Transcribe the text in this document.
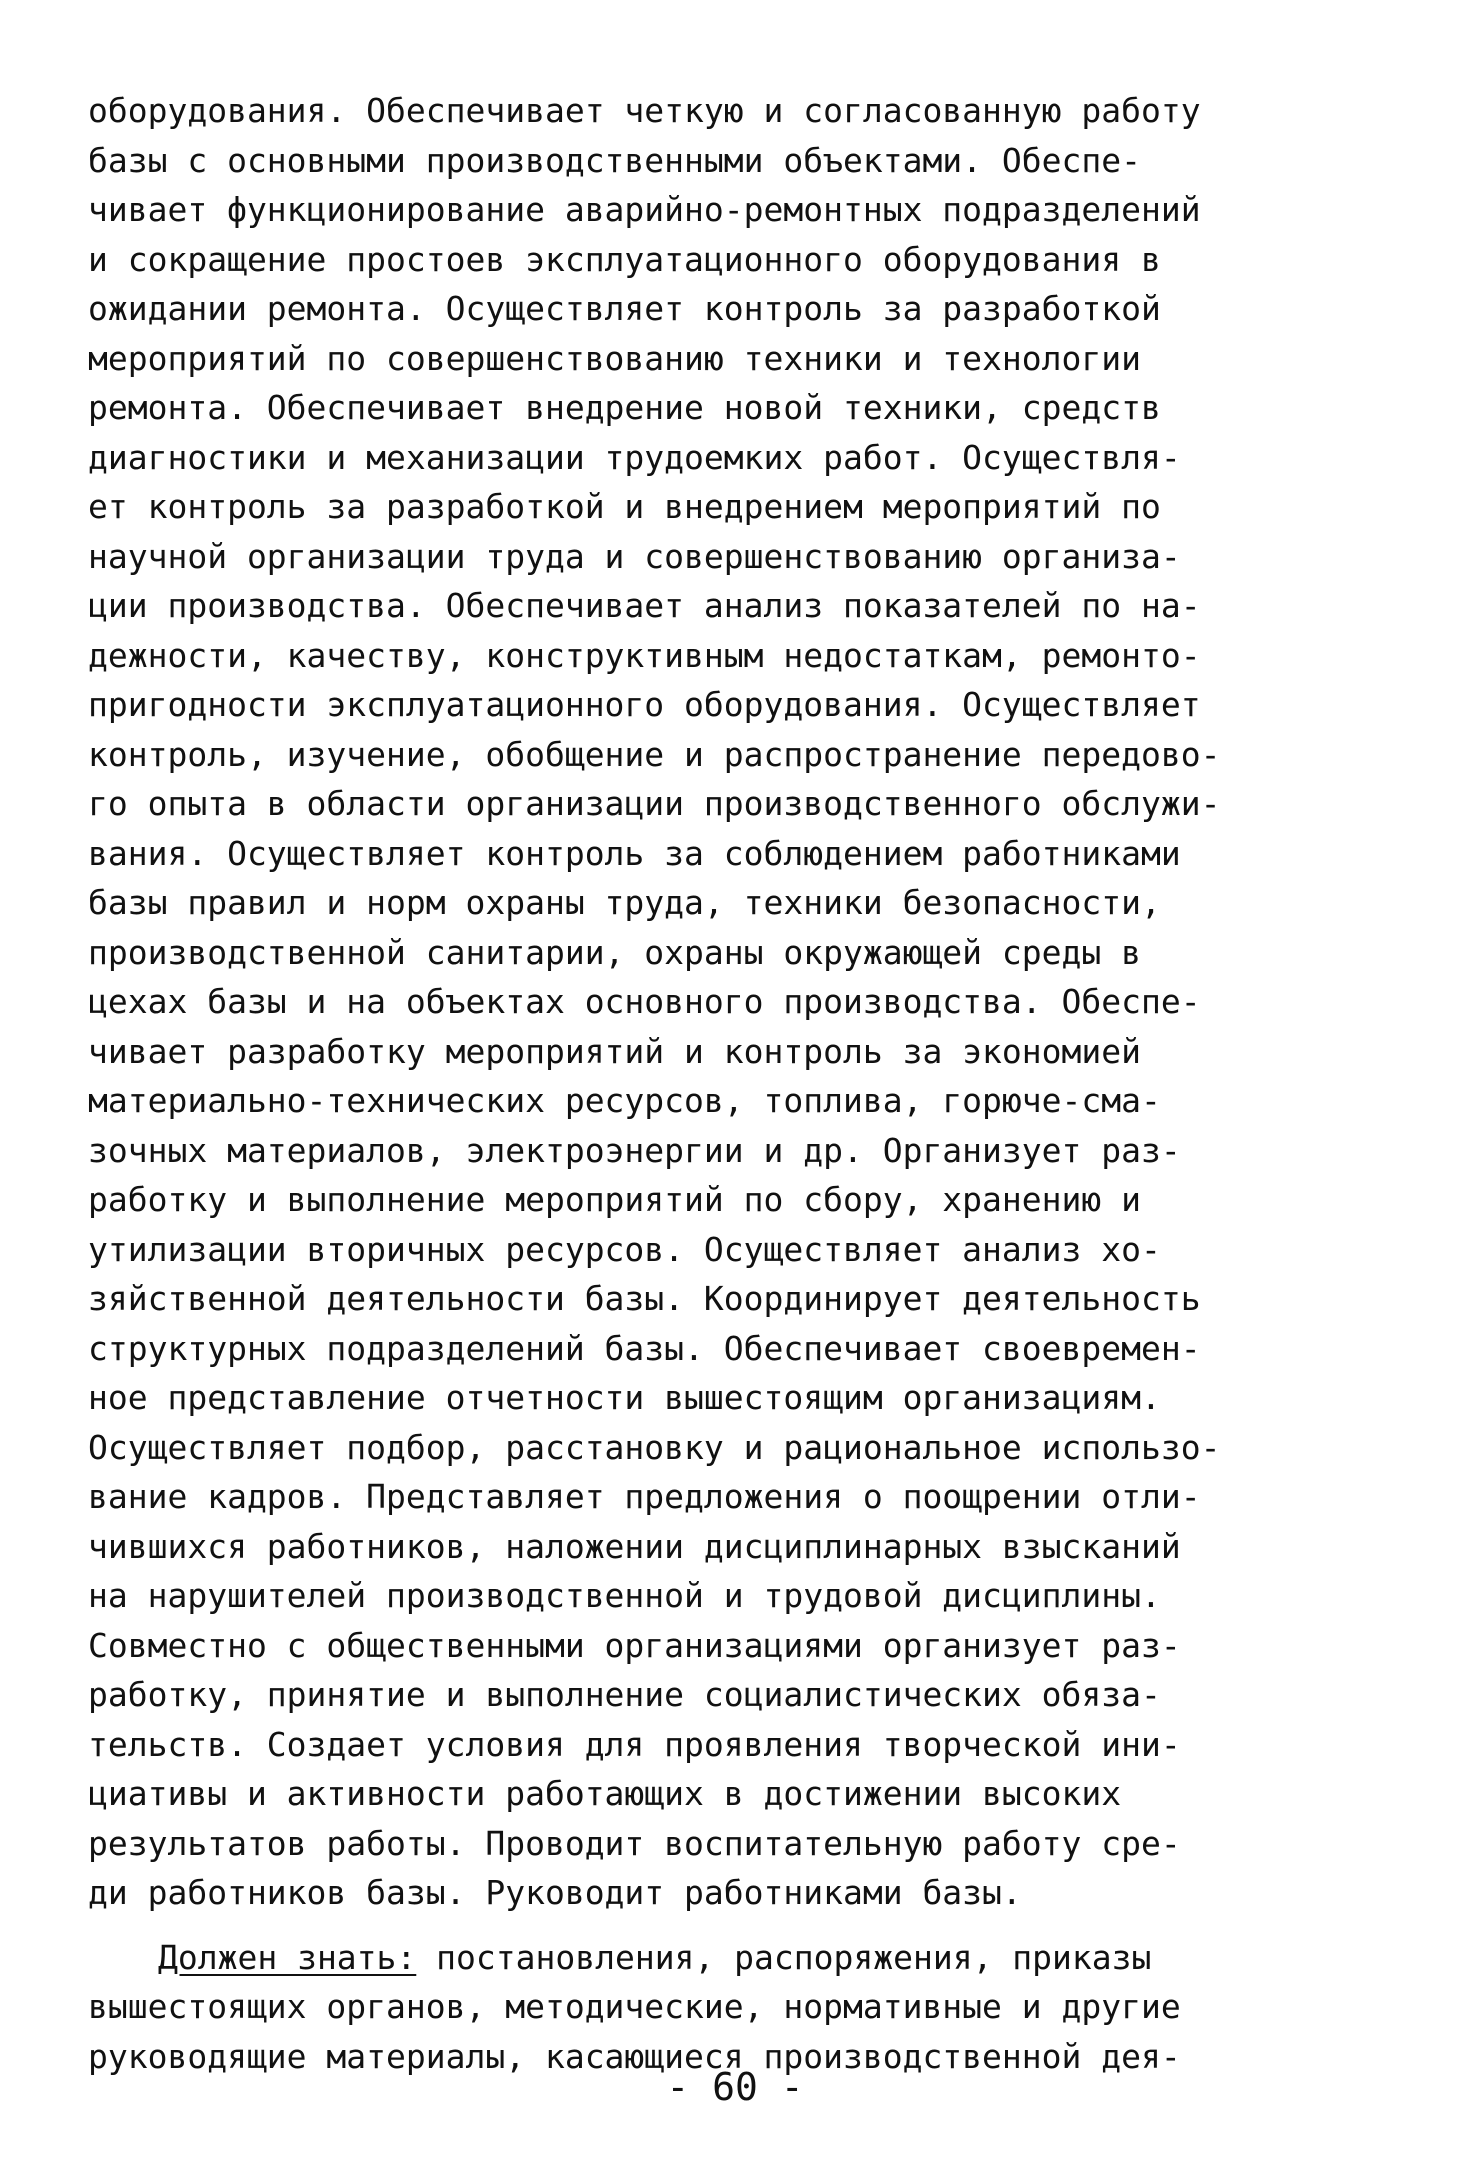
оборудования. Обеспечивает четкую и согласованную работу
базы с основными производственными объектами. Обеспе-
чивает функционирование аварийно-ремонтных подразделений
и сокращение простоев эксплуатационного оборудования в
ожидании ремонта. Осуществляет контроль за разработкой
мероприятий по совершенствованию техники и технологии
ремонта. Обеспечивает внедрение новой техники, средств
диагностики и механизации трудоемких работ. Осуществля-
ет контроль за разработкой и внедрением мероприятий по
научной организации труда и совершенствованию организа-
ции производства. Обеспечивает анализ показателей по на-
дежности, качеству, конструктивным недостаткам, ремонто-
пригодности эксплуатационного оборудования. Осуществляет
контроль, изучение, обобщение и распространение передово-
го опыта в области организации производственного обслужи-
вания. Осуществляет контроль за соблюдением работниками
базы правил и норм охраны труда, техники безопасности,
производственной санитарии, охраны окружающей среды в
цехах базы и на объектах основного производства. Обеспе-
чивает разработку мероприятий и контроль за экономией
материально-технических ресурсов, топлива, горюче-сма-
зочных материалов, электроэнергии и др. Организует раз-
работку и выполнение мероприятий по сбору, хранению и
утилизации вторичных ресурсов. Осуществляет анализ хо-
зяйственной деятельности базы. Координирует деятельность
структурных подразделений базы. Обеспечивает своевремен-
ное представление отчетности вышестоящим организациям.
Осуществляет подбор, расстановку и рациональное использо-
вание кадров. Представляет предложения о поощрении отли-
чившихся работников, наложении дисциплинарных взысканий
на нарушителей производственной и трудовой дисциплины.
Совместно с общественными организациями организует раз-
работку, принятие и выполнение социалистических обяза-
тельств. Создает условия для проявления творческой ини-
циативы и активности работающих в достижении высоких
результатов работы. Проводит воспитательную работу сре-
ди работников базы. Руководит работниками базы.
Должен знать: постановления, распоряжения, приказы
вышестоящих органов, методические, нормативные и другие
руководящие материалы, касающиеся производственной дея-
- 60 -
